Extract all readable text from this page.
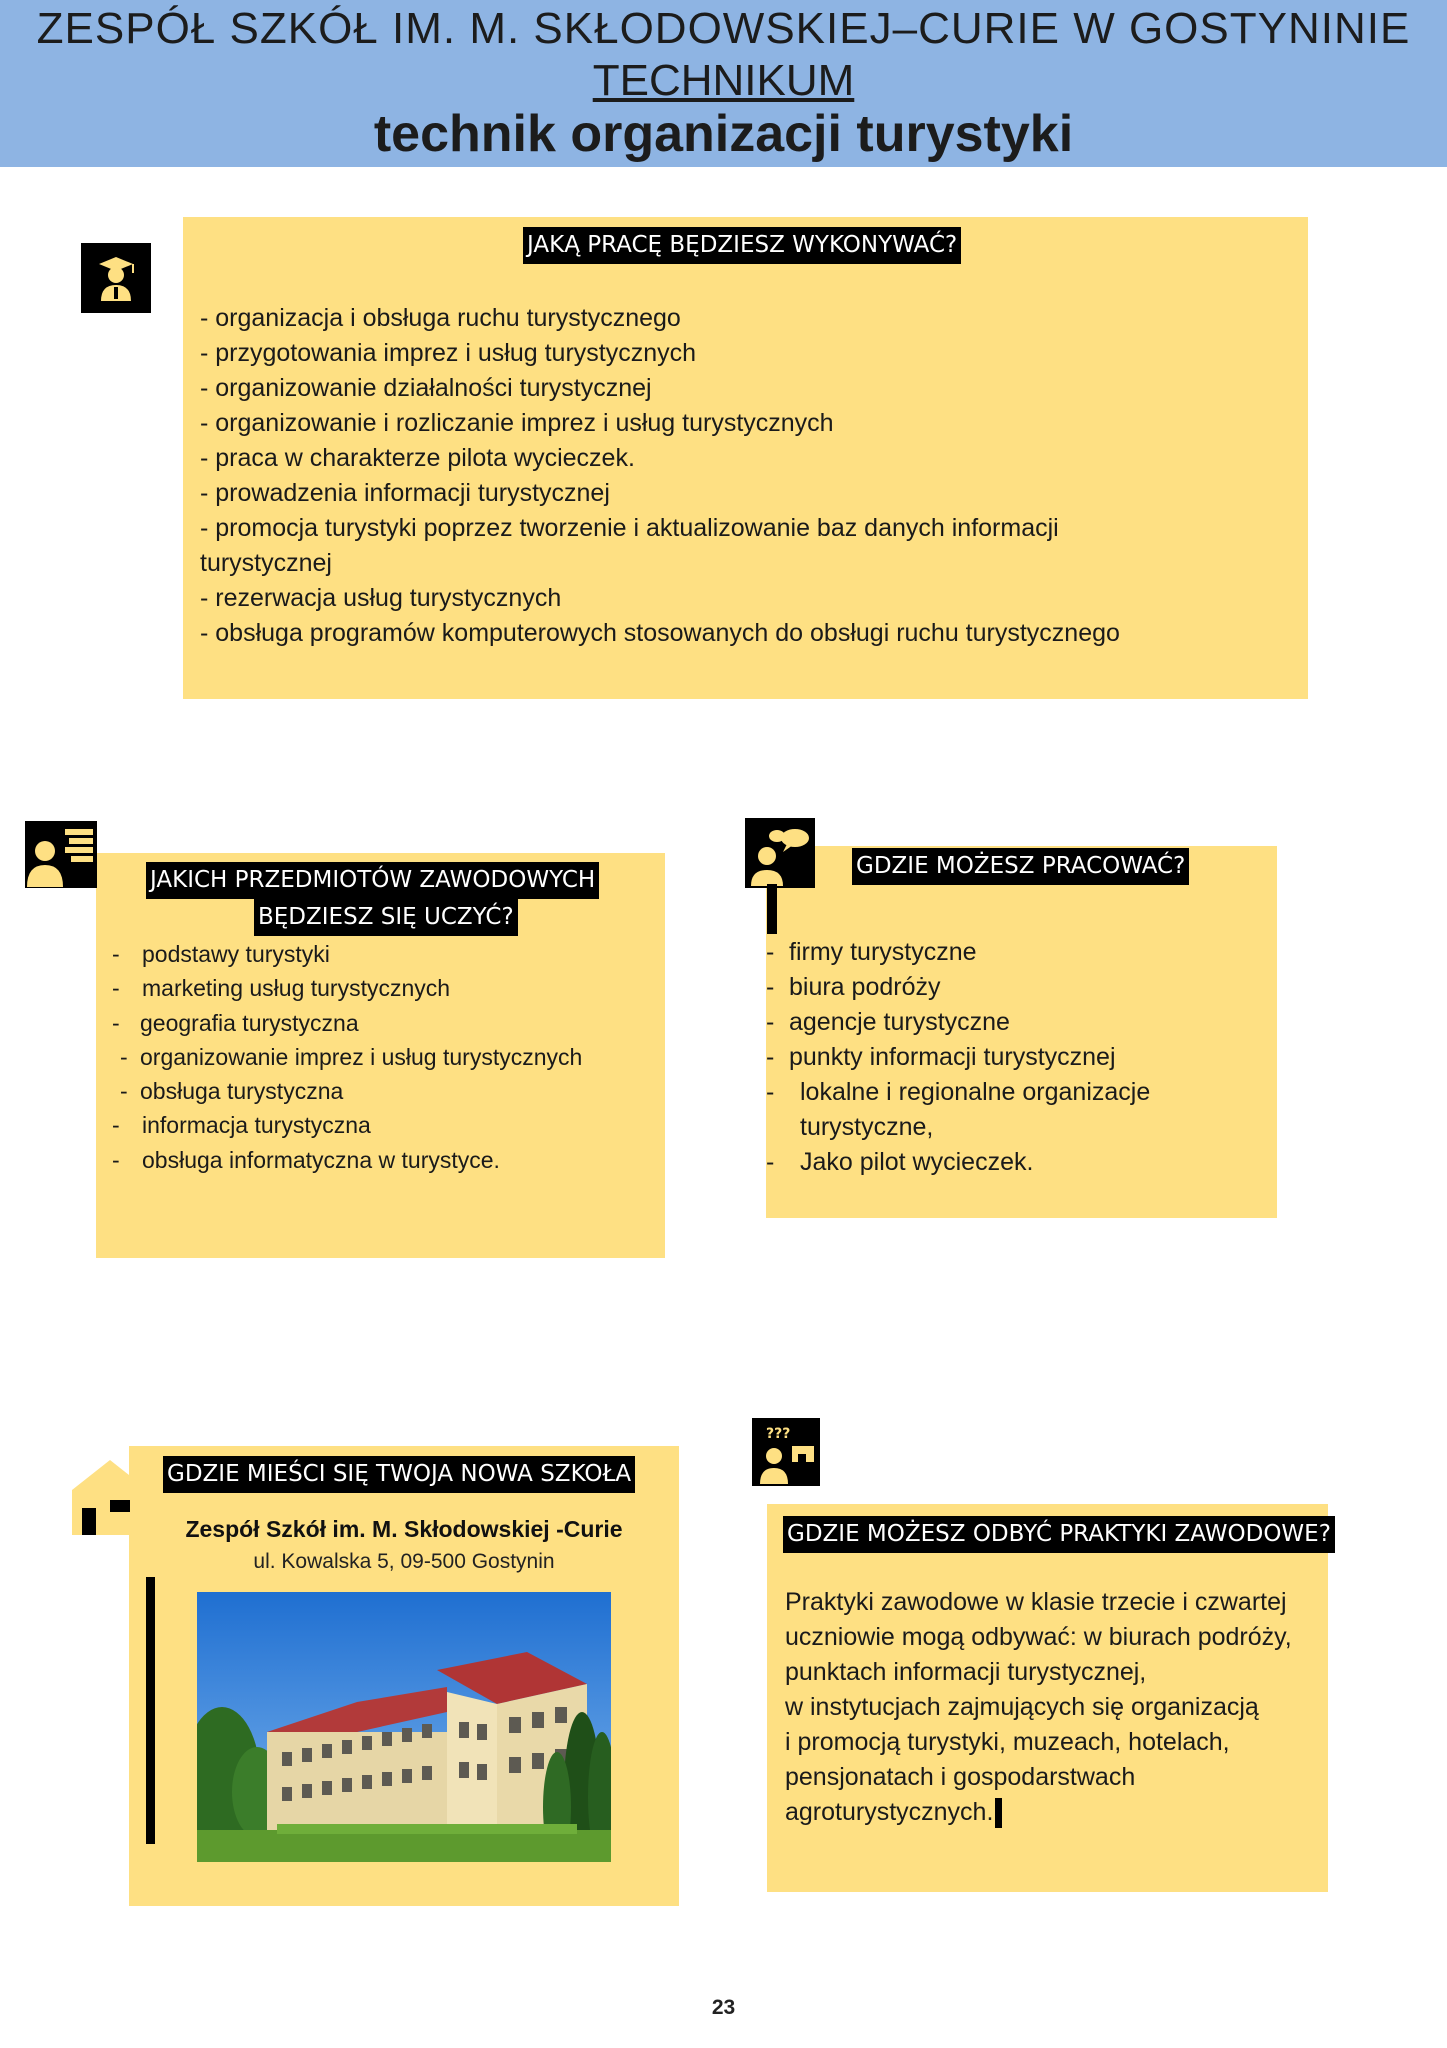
ZESPÓŁ SZKÓŁ IM. M. SKŁODOWSKIEJ–CURIE W GOSTYNINIE
TECHNIKUM
technik organizacji turystyki
JAKĄ PRACĘ BĘDZIESZ WYKONYWAĆ?
- organizacja i obsługa ruchu turystycznego
- przygotowania imprez i usług turystycznych
- organizowanie działalności turystycznej
- organizowanie i rozliczanie imprez i usług turystycznych
- praca w charakterze pilota wycieczek.
- prowadzenia informacji turystycznej
- promocja turystyki poprzez tworzenie i aktualizowanie baz danych informacji
turystycznej
- rezerwacja usług turystycznych
- obsługa programów komputerowych stosowanych do obsługi ruchu turystycznego
JAKICH PRZEDMIOTÓW ZAWODOWYCH
BĘDZIESZ SIĘ UCZYĆ?
- podstawy turystyki
- marketing usług turystycznych
- geografia turystyczna
- organizowanie imprez i usług turystycznych
- obsługa turystyczna
- informacja turystyczna
- obsługa informatyczna w turystyce.
GDZIE MOŻESZ PRACOWAĆ?
- firmy turystyczne
- biura podróży
- agencje turystyczne
- punkty informacji turystycznej
- lokalne i regionalne organizacje
turystyczne,
- Jako pilot wycieczek.
GDZIE MIEŚCI SIĘ TWOJA NOWA SZKOŁA
Zespół Szkół im. M. Skłodowskiej -Curie
ul. Kowalska 5, 09-500 Gostynin
???
GDZIE MOŻESZ ODBYĆ PRAKTYKI ZAWODOWE?
Praktyki zawodowe w klasie trzecie i czwartej
uczniowie mogą odbywać: w biurach podróży,
punktach informacji turystycznej,
w instytucjach zajmujących się organizacją
i promocją turystyki, muzeach, hotelach,
pensjonatach i gospodarstwach
agroturystycznych.
23
